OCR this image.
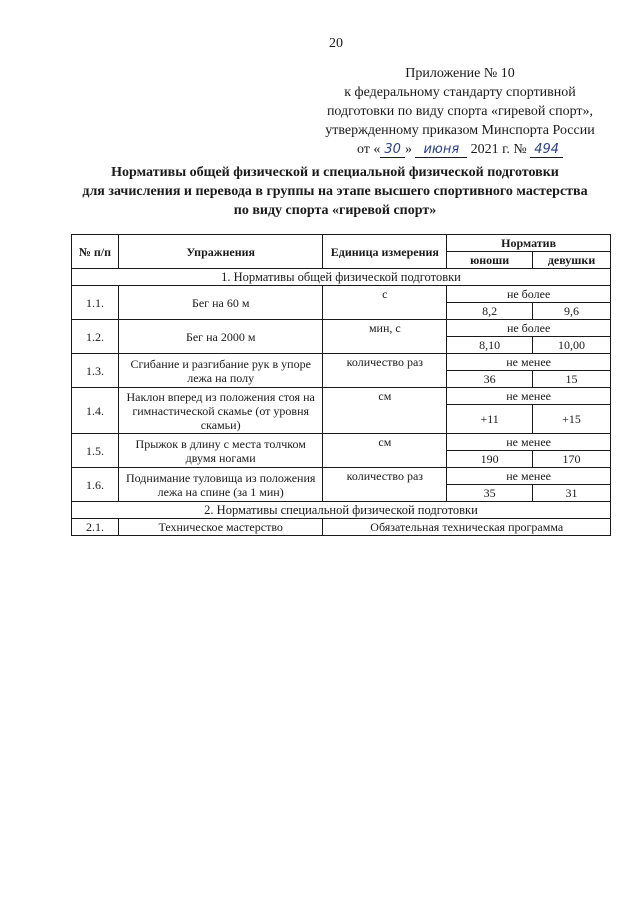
20
Приложение № 10
к федеральному стандарту спортивной
подготовки по виду спорта «гиревой спорт»,
утвержденному приказом Минспорта России
от « 30 » июня 2021 г. № 494
Нормативы общей физической и специальной физической подготовки
для зачисления и перевода в группы на этапе высшего спортивного мастерства
по виду спорта «гиревой спорт»
№ п/п	Упражнения	Единица измерения	Норматив	
			юноши	девушки
1. Нормативы общей физической подготовки				
1.1.	Бег на 60 м	с	не более	
			8,2	9,6
1.2.	Бег на 2000 м	мин, с	не более	
			8,10	10,00
1.3.	Сгибание и разгибание рук в упоре лежа на полу	количество раз	не менее	
			36	15
1.4.	Наклон вперед из положения стоя на гимнастической скамье (от уровня скамьи)	см	не менее	
			+11	+15
1.5.	Прыжок в длину с места толчком двумя ногами	см	не менее	
			190	170
1.6.	Поднимание туловища из положения лежа на спине (за 1 мин)	количество раз	не менее	
			35	31
2. Нормативы специальной физической подготовки				
2.1.	Техническое мастерство	Обязательная техническая программа		
